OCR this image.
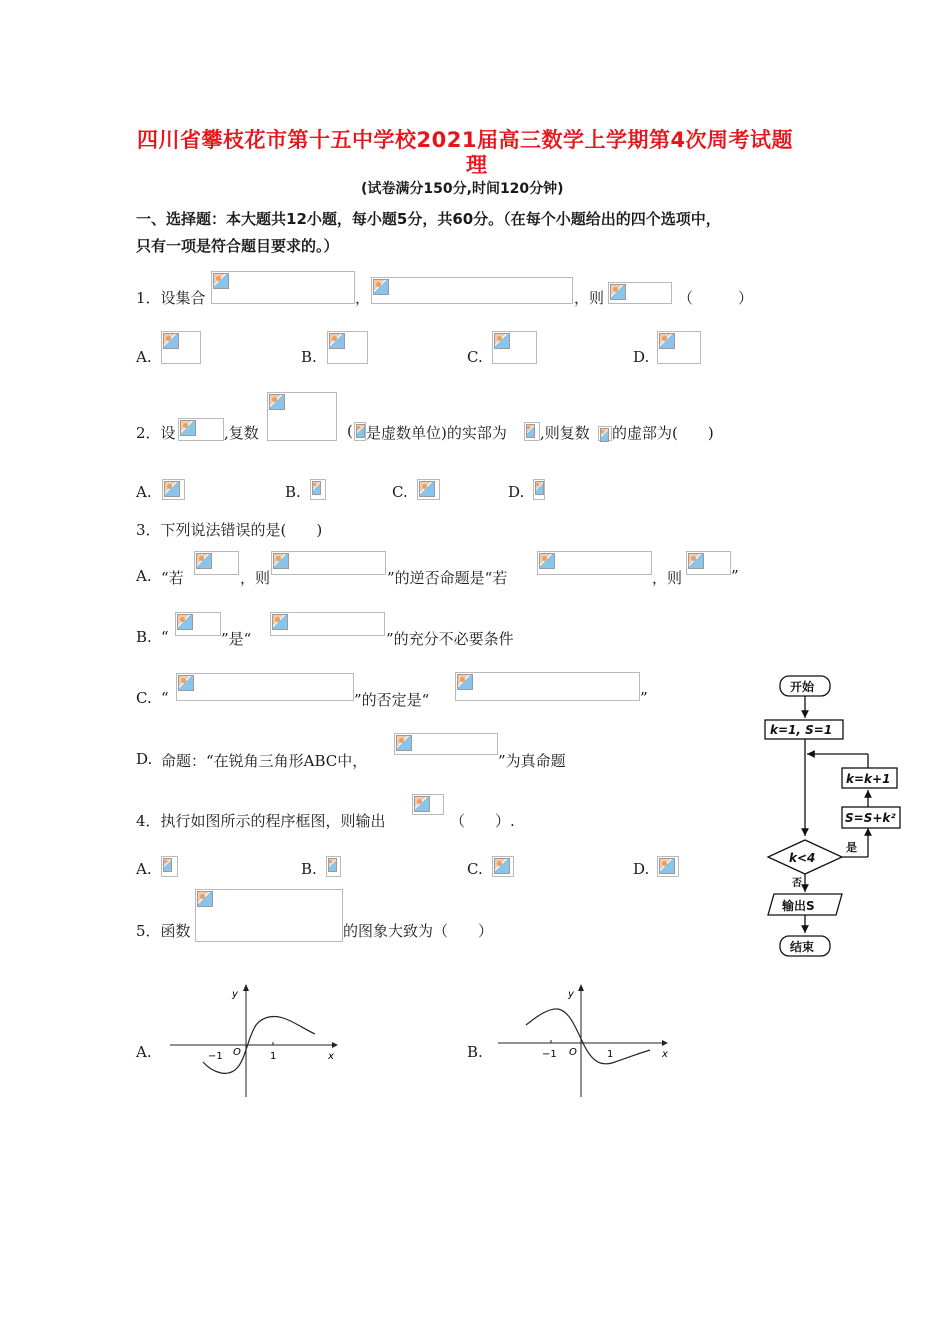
四川省攀枝花市第十五中学校2021届高三数学上学期第4次周考试题
理
(试卷满分150分,时间120分钟)
一、选择题：本大题共12小题，每小题5分，共60分。（在每个小题给出的四个选项中，
只有一项是符合题目要求的。）
1．设集合	，	，则	（　　　）
A.	B.	C.	D.
2．设	,复数	( 是虚数单位)的实部为 ,则复数 的虚部为(　　)
A.	B.	C.	D.
3．下列说法错误的是(　　)
A. “若	，则	”的逆否命题是“若	，则	”
B. “	”是“	”的充分不必要条件
C. “	”的否定是“	”
D. 命题：“在锐角三角形ABC中，	”为真命题
4．执行如图所示的程序框图，则输出	（　　）.
A.	B.	C.	D.
5．函数	的图象大致为（　　）
A.	B.
y
x
O
−1	1
y
x
O
−1	1
开始
k=1, S=1
k=k+1
S=S+k²
k<4
是
否
输出S
结束
